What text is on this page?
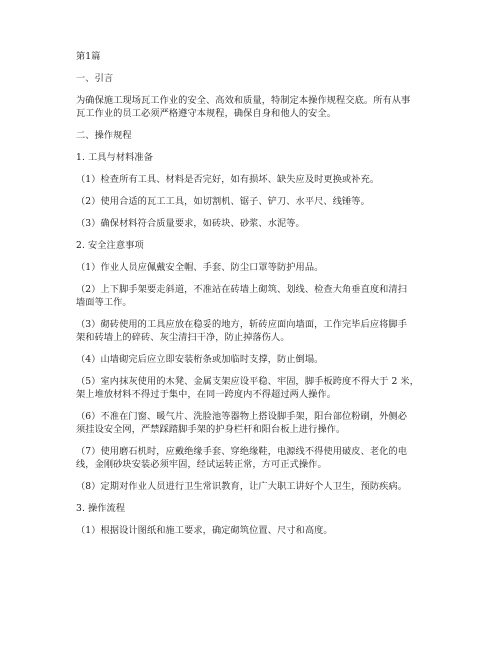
第1篇
一、引言
为确保施工现场瓦工作业的安全、高效和质量，特制定本操作规程交底。所有从事
瓦工作业的员工必须严格遵守本规程，确保自身和他人的安全。
二、操作规程
1. 工具与材料准备
（1）检查所有工具、材料是否完好，如有损坏、缺失应及时更换或补充。
（2）使用合适的瓦工工具，如切割机、锯子、铲刀、水平尺、线锤等。
（3）确保材料符合质量要求，如砖块、砂浆、水泥等。
2. 安全注意事项
（1）作业人员应佩戴安全帽、手套、防尘口罩等防护用品。
（2）上下脚手架要走斜道，不准站在砖墙上砌筑、划线、检查大角垂直度和清扫
墙面等工作。
（3）砌砖使用的工具应放在稳妥的地方，斩砖应面向墙面，工作完毕后应将脚手
架和砖墙上的碎砖、灰尘清扫干净，防止掉落伤人。
（4）山墙砌完后应立即安装桁条或加临时支撑，防止倒塌。
（5）室内抹灰使用的木凳、金属支架应设平稳、牢固，脚手板跨度不得大于 2 米，
架上堆放材料不得过于集中，在同一跨度内不得超过两人操作。
（6）不准在门窗、暖气片、洗脸池等器物上搭设脚手架，阳台部位粉刷，外侧必
须挂设安全网，严禁踩踏脚手架的护身栏杆和阳台板上进行操作。
（7）使用磨石机时，应戴绝缘手套、穿绝缘鞋，电源线不得使用破皮、老化的电
线，金刚砂块安装必须牢固，经试运转正常，方可正式操作。
（8）定期对作业人员进行卫生常识教育，让广大职工讲好个人卫生，预防疾病。
3. 操作流程
（1）根据设计图纸和施工要求，确定砌筑位置、尺寸和高度。
